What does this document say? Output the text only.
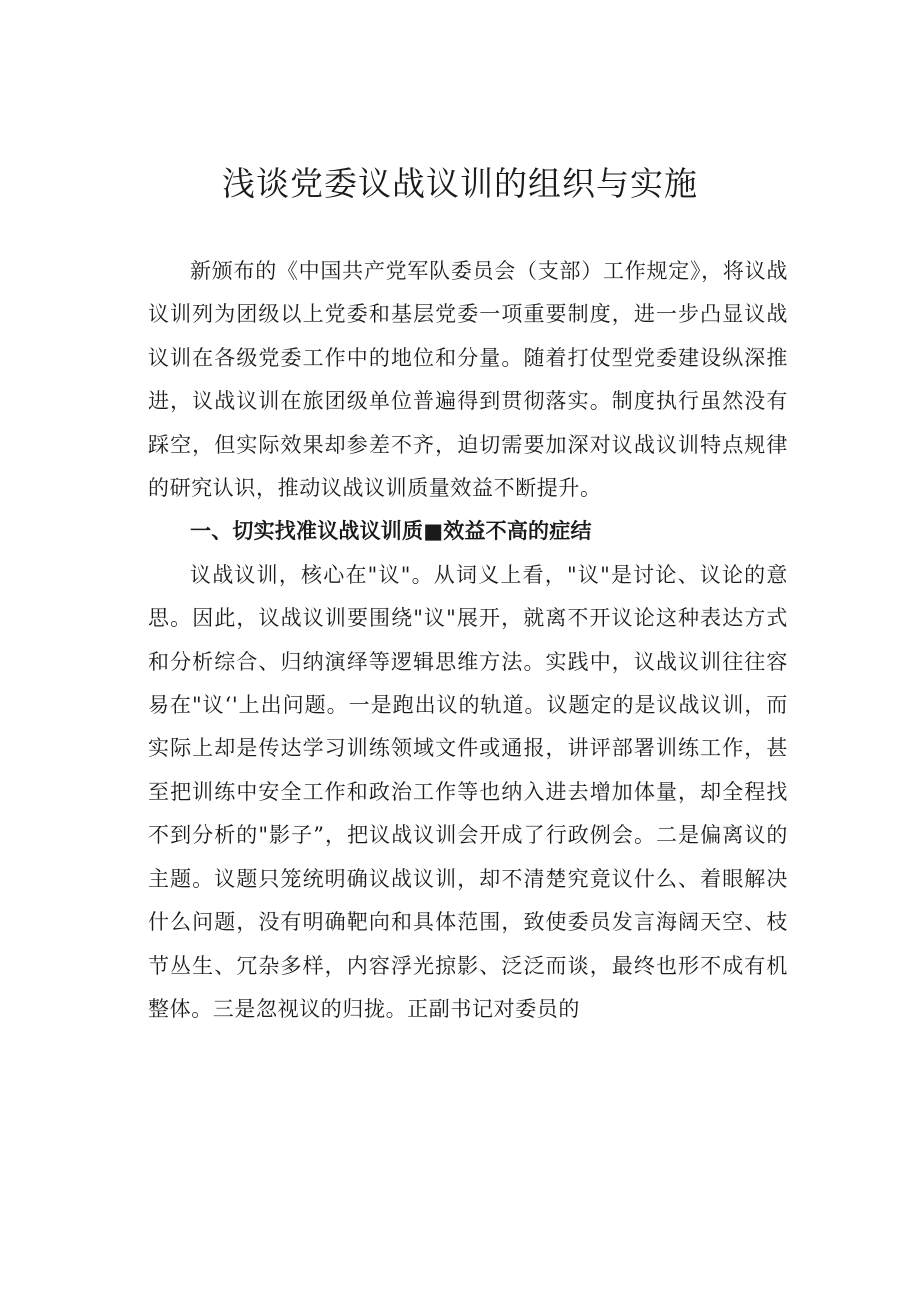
浅谈党委议战议训的组织与实施

新颁布的《中国共产党军队委员会（支部）工作规定》，将议战议训列为团级以上党委和基层党委一项重要制度，进一步凸显议战议训在各级党委工作中的地位和分量。随着打仗型党委建设纵深推进，议战议训在旅团级单位普遍得到贯彻落实。制度执行虽然没有踩空，但实际效果却参差不齐，迫切需要加深对议战议训特点规律的研究认识，推动议战议训质量效益不断提升。

一、切实找准议战议训质■效益不高的症结

议战议训，核心在"议"。从词义上看，"议"是讨论、议论的意思。因此，议战议训要围绕"议"展开，就离不开议论这种表达方式和分析综合、归纳演绎等逻辑思维方法。实践中，议战议训往往容易在"议‘'上出问题。一是跑出议的轨道。议题定的是议战议训，而实际上却是传达学习训练领域文件或通报，讲评部署训练工作，甚至把训练中安全工作和政治工作等也纳入进去增加体量，却全程找不到分析的"影子”，把议战议训会开成了行政例会。二是偏离议的主题。议题只笼统明确议战议训，却不清楚究竟议什么、着眼解决什么问题，没有明确靶向和具体范围，致使委员发言海阔天空、枝节丛生、冗杂多样，内容浮光掠影、泛泛而谈，最终也形不成有机整体。三是忽视议的归拢。正副书记对委员的
